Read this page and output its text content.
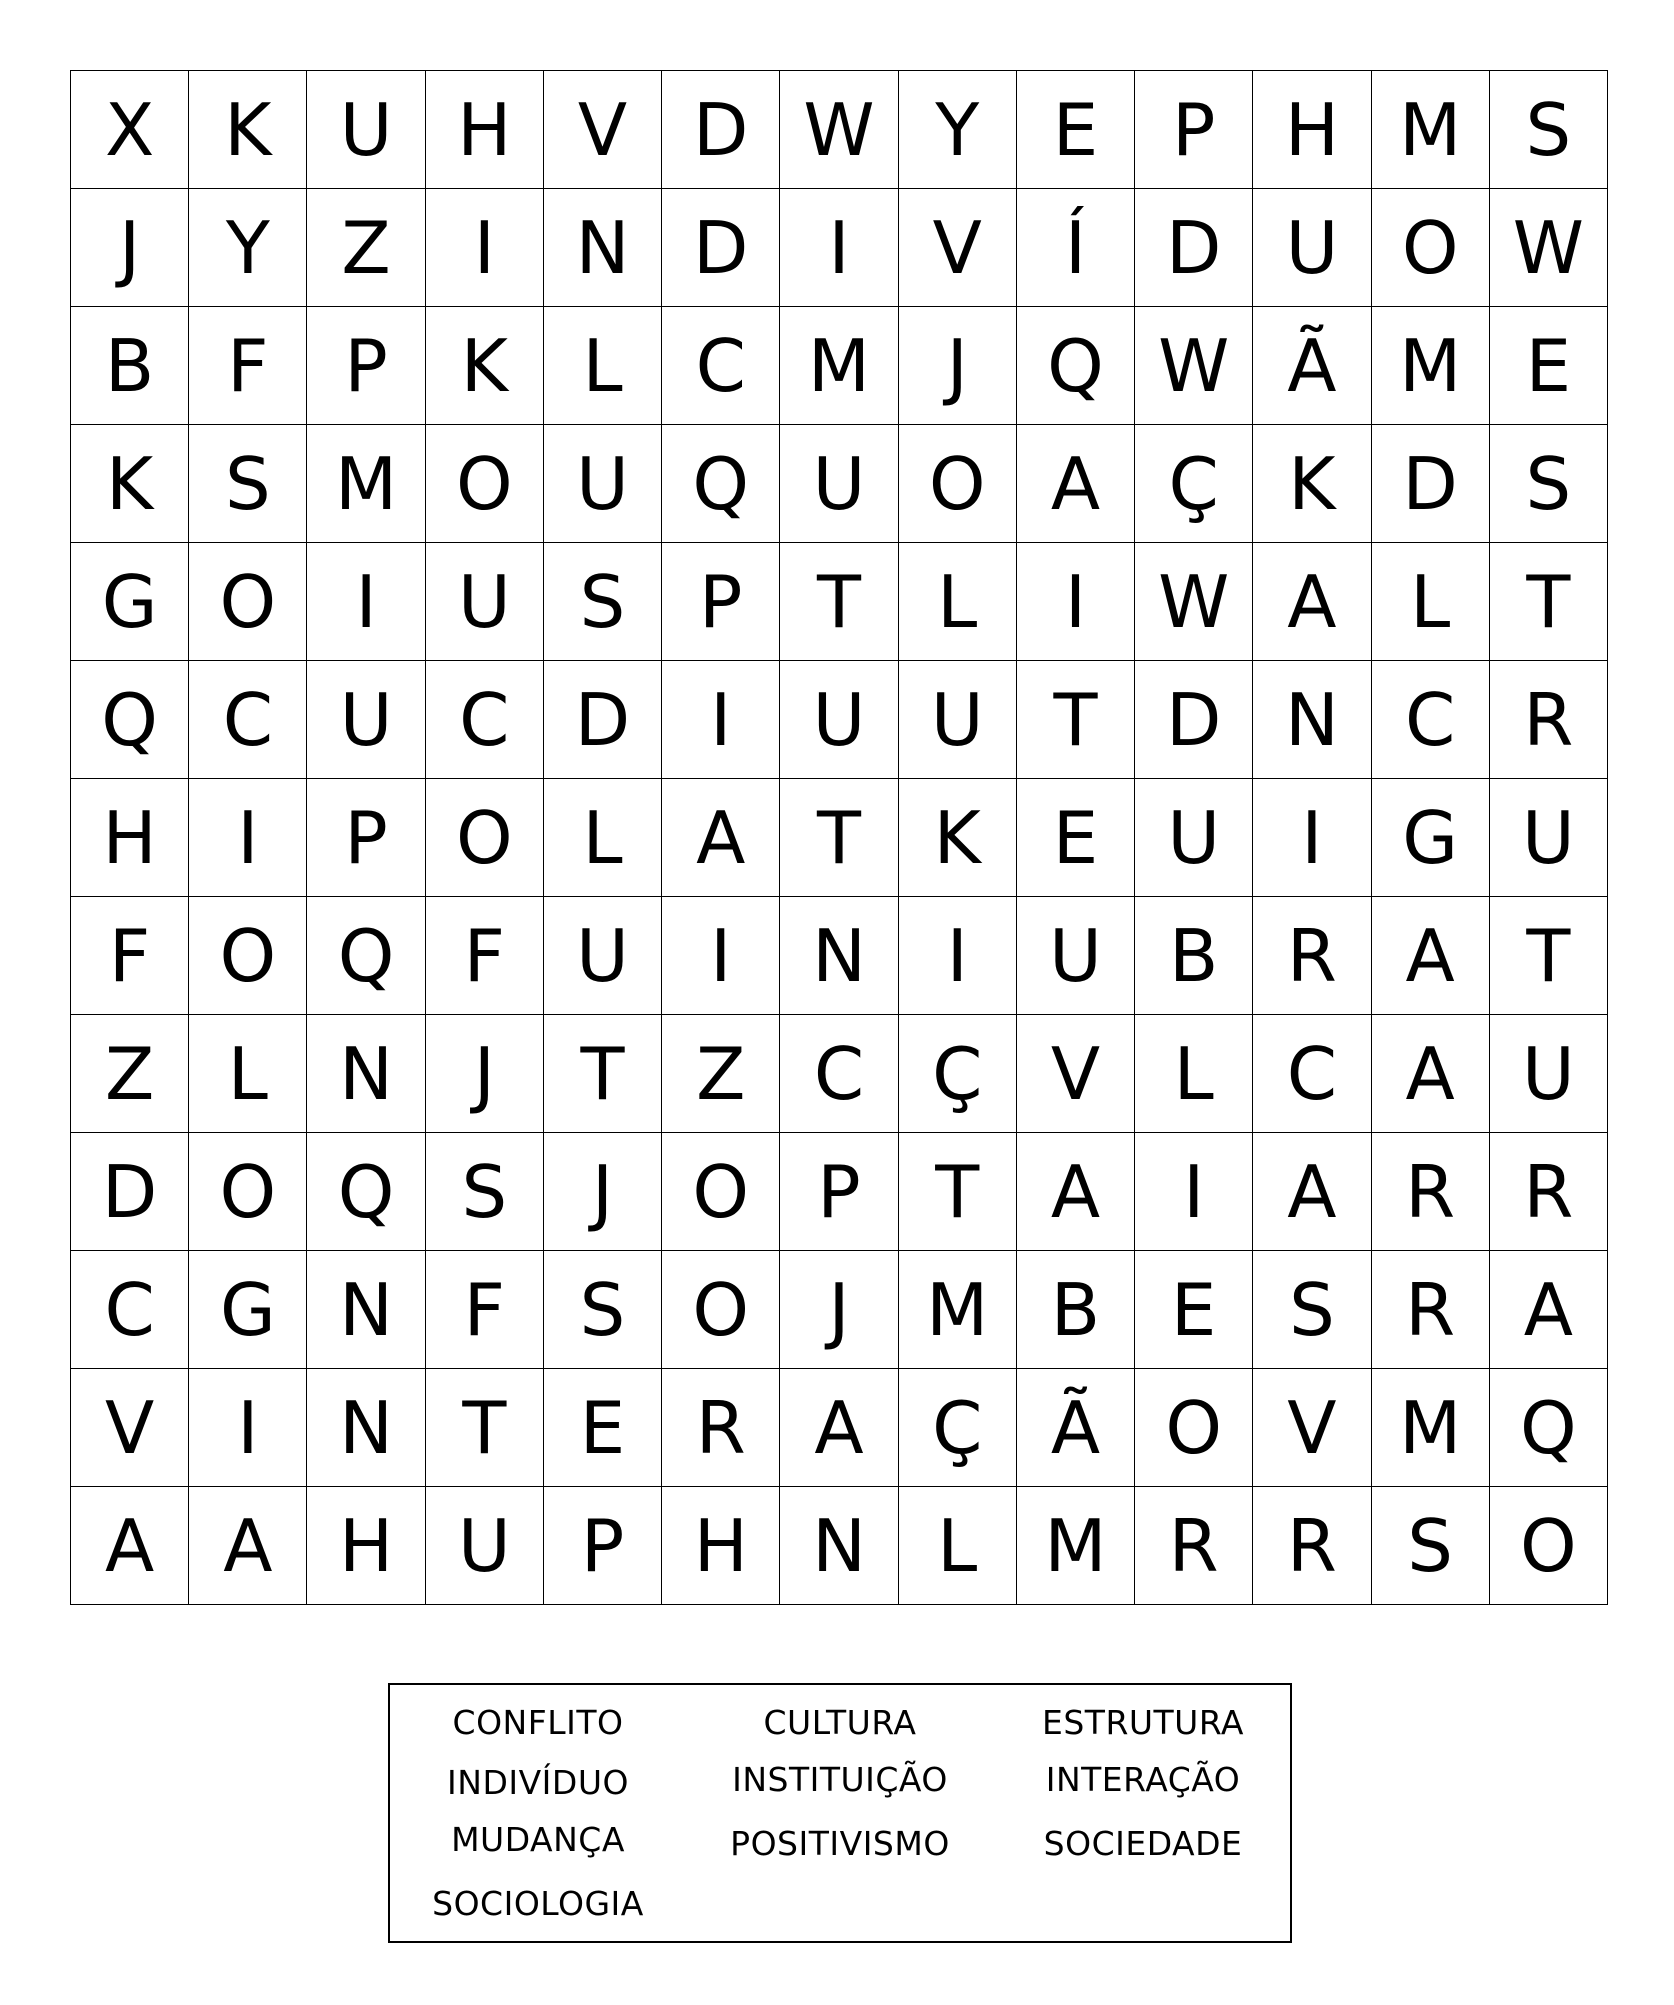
X K U H V D W Y	E	P H M S
J	Y Z	I	N D	I	V	Í	D U O W
B	F	P	K	L	C M	J	Q W Ã M E
K S M O U Q U O A Ç K D S
G O	I	U S	P	T	L	I	W A	L	T
Q C U C D	I	U U T D N C R
H	I	P O L	A T	K E U	I	G U
F O Q F U	I	N	I	U B R A T
Z	L N	J	T Z C Ç V	L	C A U
D O Q S	J	O P	T A	I	A R R
C G N F	S O	J	M B E	S R A
V	I	N T	E R A Ç Ã O V M Q
A A H U P H N L M R R S O
CONFLITO	CULTURA	ESTRUTURA
INDIVÍDUO	INSTITUIÇÃO	INTERAÇÃO
MUDANÇA	POSITIVISMO	SOCIEDADE
SOCIOLOGIA
